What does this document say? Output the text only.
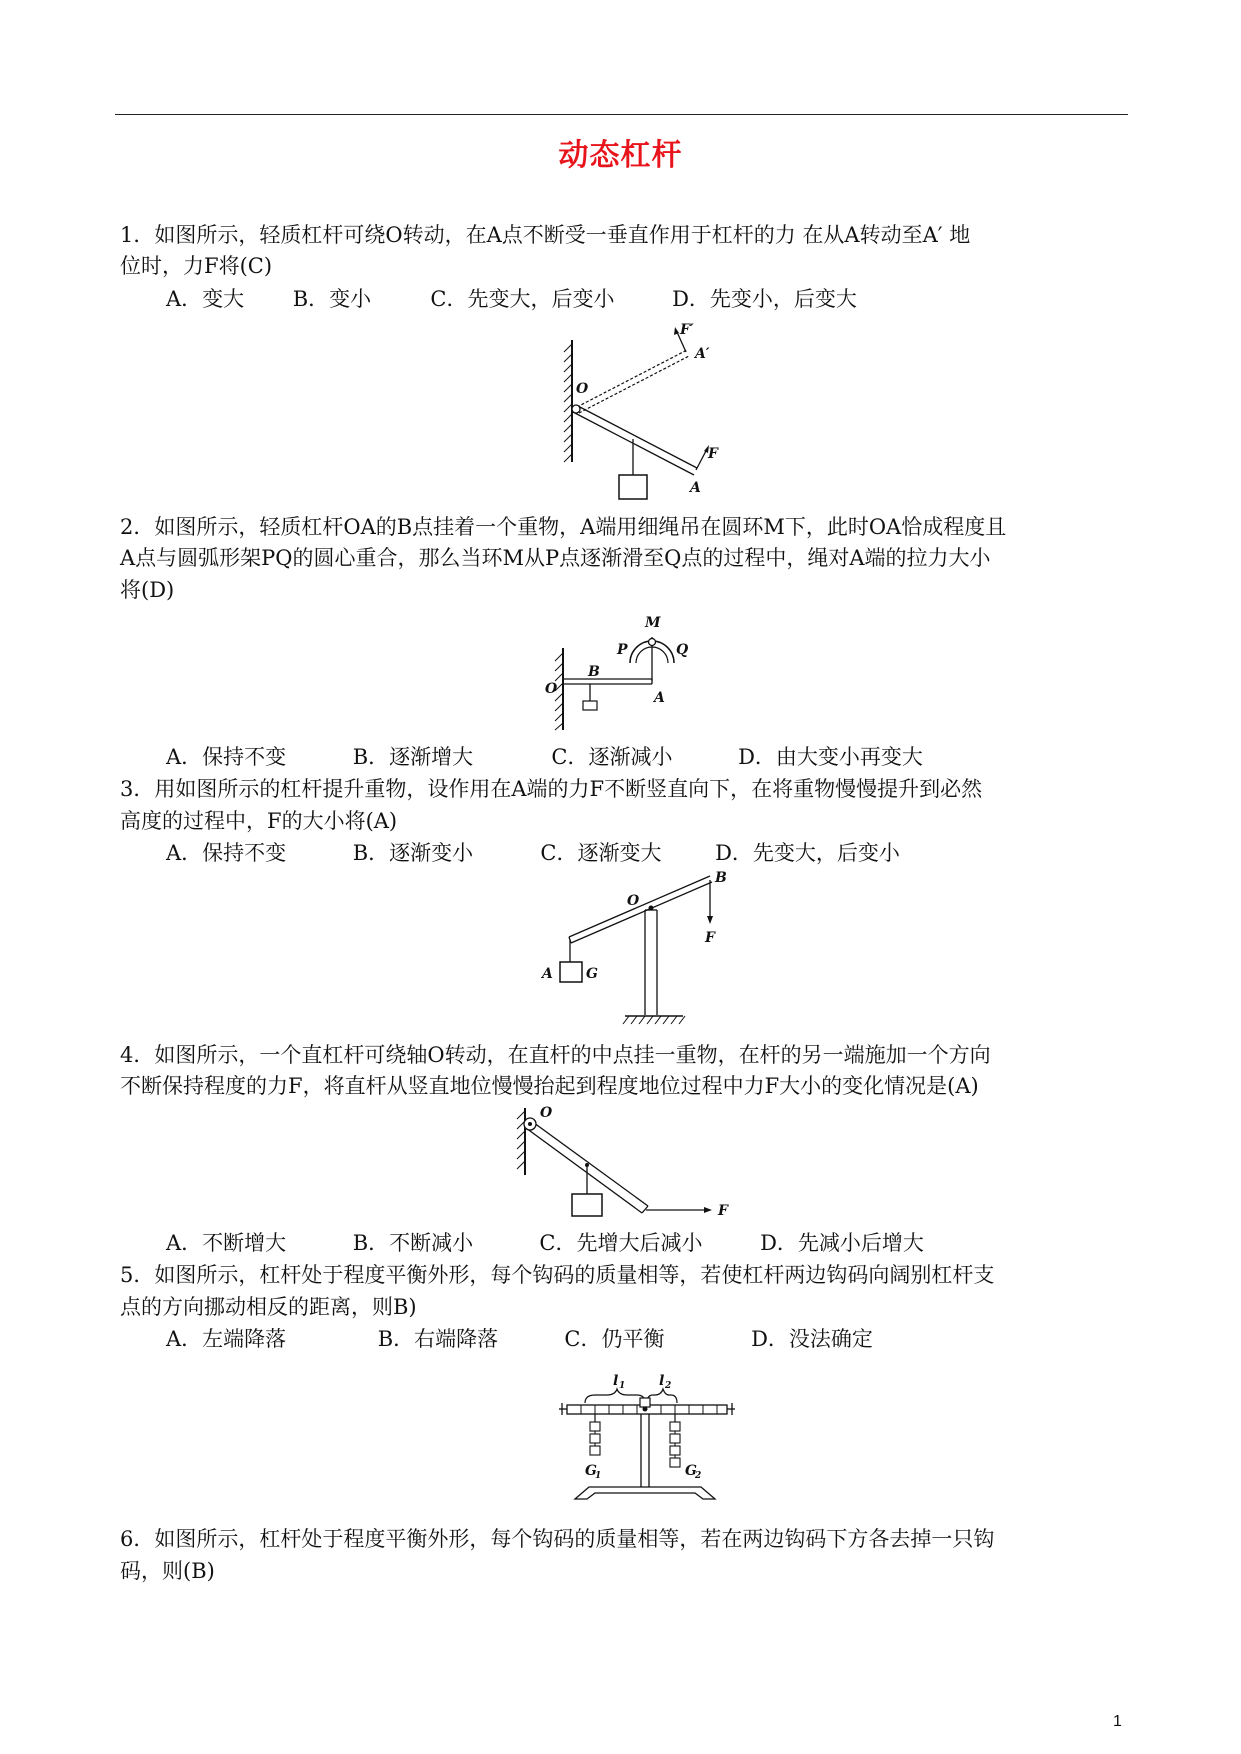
动态杠杆
1．如图所示，轻质杠杆可绕O转动，在A点不断受一垂直作用于杠杆的力 在从A转动至A′ 地
位时，力F将(C)
A．变大 B．变小	C．先变大，后变小	D．先变小，后变大
F′
A′
O
F
A
2．如图所示，轻质杠杆OA的B点挂着一个重物，A端用细绳吊在圆环M下，此时OA恰成程度且
A点与圆弧形架PQ的圆心重合，那么当环M从P点逐渐滑至Q点的过程中，绳对A端的拉力大小
将(D)
M
P	Q
O
B
A
A．保持不变	B．逐渐增大	C．逐渐减小	D．由大变小再变大
3．用如图所示的杠杆提升重物，设作用在A端的力F不断竖直向下，在将重物慢慢提升到必然
高度的过程中，F的大小将(A)
A．保持不变	B．逐渐变小	C．逐渐变大	D．先变大，后变小
B
O
F
A G
4．如图所示，一个直杠杆可绕轴O转动，在直杆的中点挂一重物，在杆的另一端施加一个方向
不断保持程度的力F，将直杆从竖直地位慢慢抬起到程度地位过程中力F大小的变化情况是(A)
O
F
A．不断增大	B．不断减小	C．先增大后减小	D．先减小后增大
5．如图所示，杠杆处于程度平衡外形，每个钩码的质量相等，若使杠杆两边钩码向阔别杠杆支
点的方向挪动相反的距离，则B)
A．左端降落	B．右端降落	C．仍平衡	D．没法确定
l 1 l 2
G
1	G
2
6．如图所示，杠杆处于程度平衡外形，每个钩码的质量相等，若在两边钩码下方各去掉一只钩
码，则(B)
1
